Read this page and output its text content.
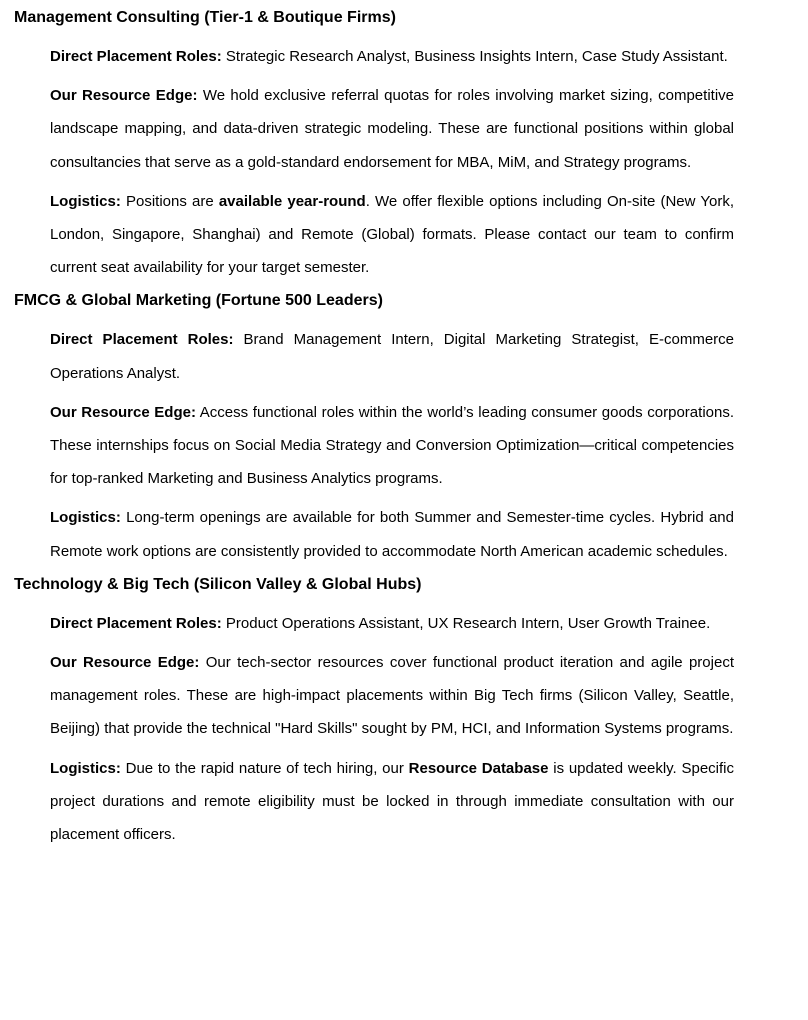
Management Consulting (Tier-1 & Boutique Firms)

Direct Placement Roles: Strategic Research Analyst, Business Insights Intern, Case Study Assistant.

Our Resource Edge: We hold exclusive referral quotas for roles involving market sizing, competitive landscape mapping, and data-driven strategic modeling. These are functional positions within global consultancies that serve as a gold-standard endorsement for MBA, MiM, and Strategy programs.

Logistics: Positions are available year-round. We offer flexible options including On-site (New York, London, Singapore, Shanghai) and Remote (Global) formats. Please contact our team to confirm current seat availability for your target semester.

FMCG & Global Marketing (Fortune 500 Leaders)

Direct Placement Roles: Brand Management Intern, Digital Marketing Strategist, E-commerce Operations Analyst.

Our Resource Edge: Access functional roles within the world’s leading consumer goods corporations. These internships focus on Social Media Strategy and Conversion Optimization—critical competencies for top-ranked Marketing and Business Analytics programs.

Logistics: Long-term openings are available for both Summer and Semester-time cycles. Hybrid and Remote work options are consistently provided to accommodate North American academic schedules.

Technology & Big Tech (Silicon Valley & Global Hubs)

Direct Placement Roles: Product Operations Assistant, UX Research Intern, User Growth Trainee.

Our Resource Edge: Our tech-sector resources cover functional product iteration and agile project management roles. These are high-impact placements within Big Tech firms (Silicon Valley, Seattle, Beijing) that provide the technical "Hard Skills" sought by PM, HCI, and Information Systems programs.

Logistics: Due to the rapid nature of tech hiring, our Resource Database is updated weekly. Specific project durations and remote eligibility must be locked in through immediate consultation with our placement officers.
